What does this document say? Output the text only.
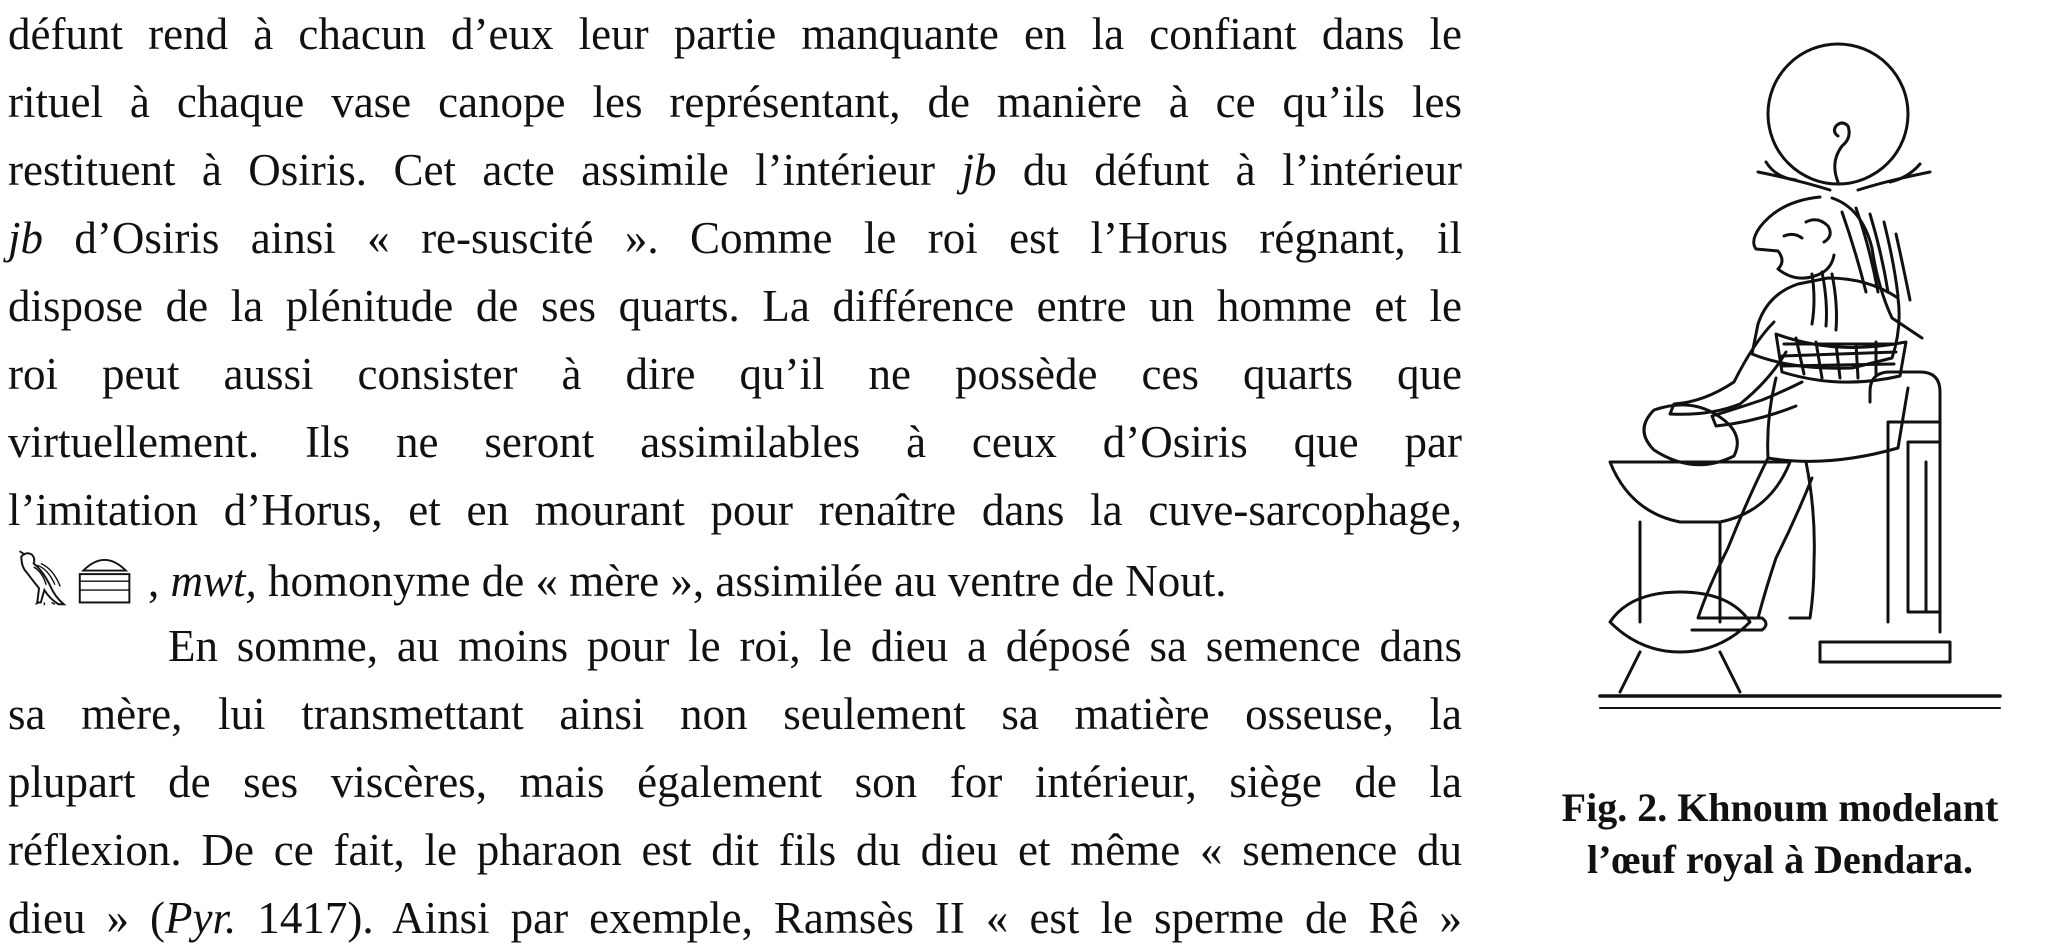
défunt rend à chacun d’eux leur partie manquante en la confiant dans le
rituel à chaque vase canope les représentant, de manière à ce qu’ils les
restituent à Osiris. Cet acte assimile l’intérieur jb du défunt à l’intérieur
jb d’Osiris ainsi « re-suscité ». Comme le roi est l’Horus régnant, il
dispose de la plénitude de ses quarts. La différence entre un homme et le
roi peut aussi consister à dire qu’il ne possède ces quarts que
virtuellement. Ils ne seront assimilables à ceux d’Osiris que par
l’imitation d’Horus, et en mourant pour renaître dans la cuve-sarcophage,
, mwt, homonyme de « mère », assimilée au ventre de Nout.
En somme, au moins pour le roi, le dieu a déposé sa semence dans
sa mère, lui transmettant ainsi non seulement sa matière osseuse, la
plupart de ses viscères, mais également son for intérieur, siège de la
réflexion. De ce fait, le pharaon est dit fils du dieu et même « semence du
dieu » (Pyr. 1417). Ainsi par exemple, Ramsès II « est le sperme de Rê »
Fig. 2. Khnoum modelant
l’œuf royal à Dendara.
